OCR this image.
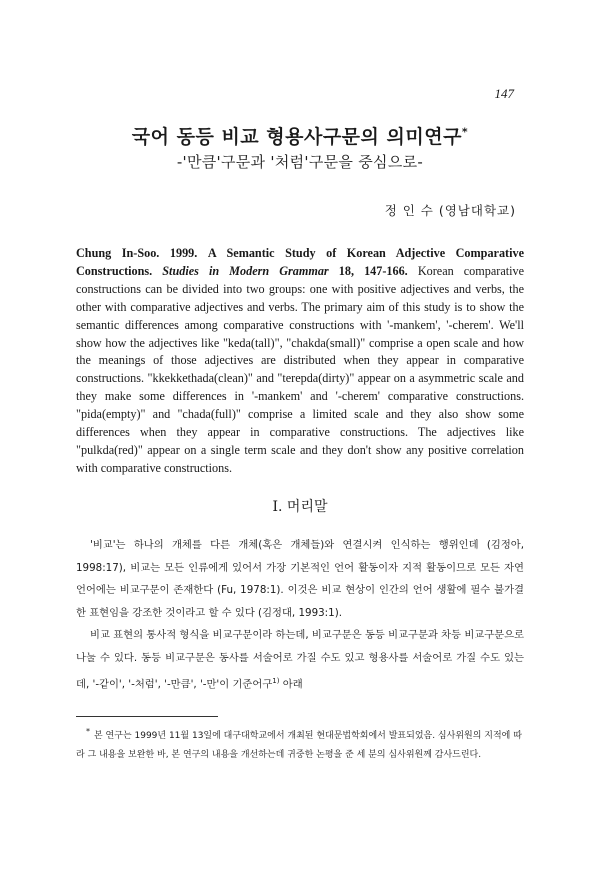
147
국어 동등 비교 형용사구문의 의미연구*
-'만큼'구문과 '처럼'구문을 중심으로-
정 인 수 (영남대학교)

Chung In-Soo. 1999. A Semantic Study of Korean Adjective Comparative Constructions. Studies in Modern Grammar 18, 147-166. Korean comparative constructions can be divided into two groups: one with positive adjectives and verbs, the other with comparative adjectives and verbs. The primary aim of this study is to show the semantic differences among comparative constructions with '-mankem', '-cherem'. We'll show how the adjectives like "keda(tall)", "chakda(small)" comprise a open scale and how the meanings of those adjectives are distributed when they appear in comparative constructions. "kkekkethada(clean)" and "terepda(dirty)" appear on a asymmetric scale and they make some differences in '-mankem' and '-cherem' comparative constructions. "pida(empty)" and "chada(full)" comprise a limited scale and they also show some differences when they appear in comparative constructions. The adjectives like "pulkda(red)" appear on a single term scale and they don't show any positive correlation with comparative constructions.

I. 머리말

'비교'는 하나의 개체를 다른 개체(혹은 개체들)와 연결시켜 인식하는 행위인데 (김정아, 1998:17), 비교는 모든 인류에게 있어서 가장 기본적인 언어 활동이자 지적 활동이므로 모든 자연 언어에는 비교구문이 존재한다 (Fu, 1978:1). 이것은 비교 현상이 인간의 언어 생활에 필수 불가결한 표현임을 강조한 것이라고 할 수 있다 (김정대, 1993:1).

비교 표현의 통사적 형식을 비교구문이라 하는데, 비교구문은 동등 비교구문과 차등 비교구문으로 나눌 수 있다. 동등 비교구문은 동사를 서술어로 가질 수도 있고 형용사를 서술어로 가질 수도 있는데, '-같이', '-처럼', '-만큼', '-만'이 기준어구$^{1)}$ 아래

* 본 연구는 1999년 11월 13일에 대구대학교에서 개최된 현대문법학회에서 발표되었음. 심사위원의 지적에 따라 그 내용을 보완한 바, 본 연구의 내용을 개선하는데 귀중한 논평을 준 세 분의 심사위원께 감사드린다.
